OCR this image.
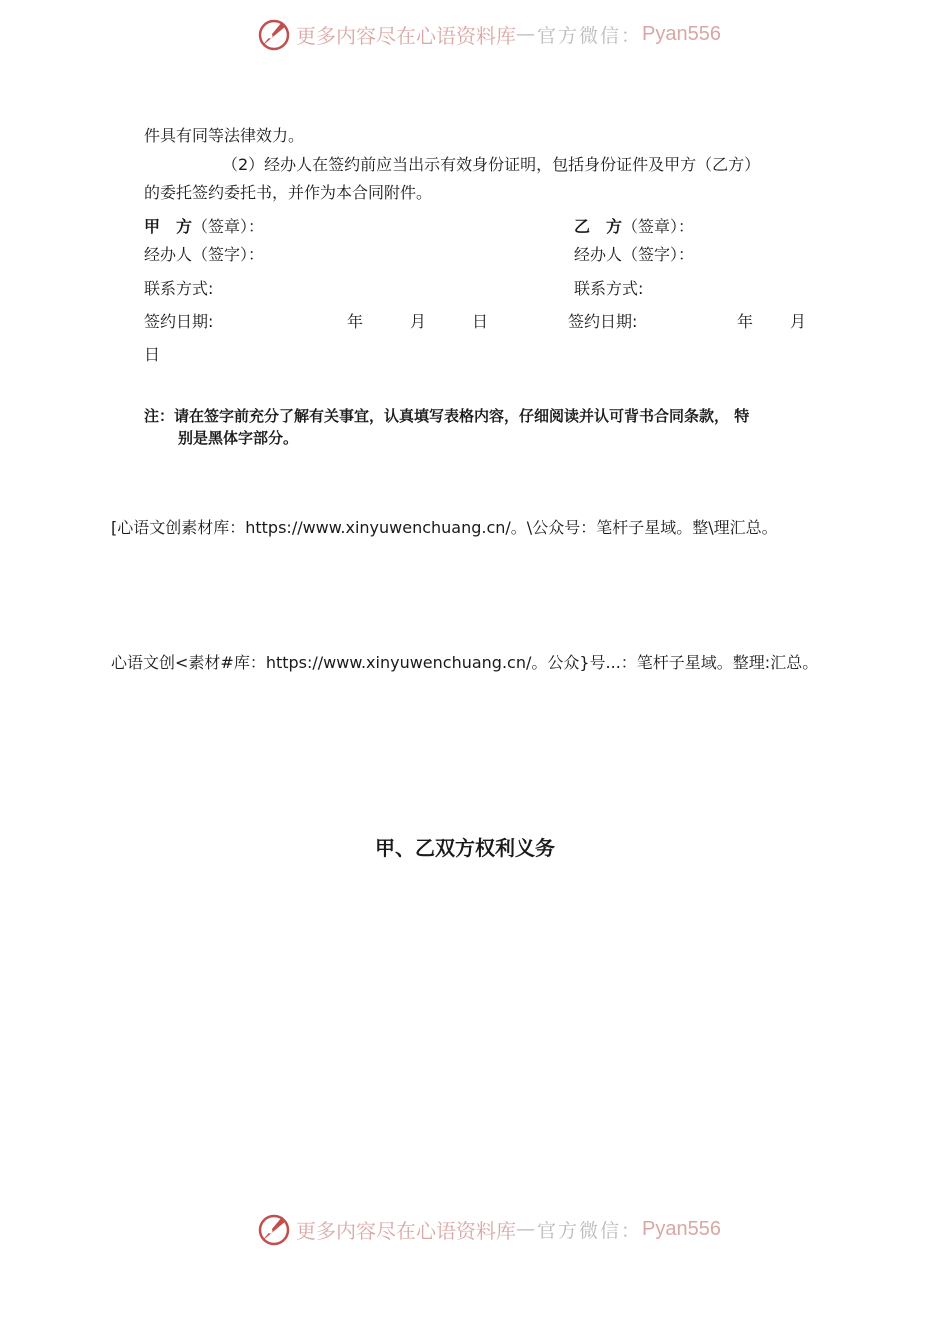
更多内容尽在心语资料库 — 官方微信： Pyan556
件具有同等法律效力。
（2）经办人在签约前应当出示有效身份证明，包括身份证件及甲方（乙方）
的委托签约委托书，并作为本合同附件。
甲　方（签章）：
经办人（签字）：
联系方式:
签约日期:	年	月	日
乙　方（签章）：
经办人（签字）：
联系方式:
签约日期:	年 月
日
注：请在签字前充分了解有关事宜，认真填写表格内容，仔细阅读并认可背书合同条款， 特
别是黑体字部分。
[心语文创素材库：https://www.xinyuwenchuang.cn/。\公众号：笔杆子星域。整\理汇总。
心语文创<素材#库：https://www.xinyuwenchuang.cn/。公众}号...：笔杆子星域。整理:汇总。
甲、乙双方权利义务
更多内容尽在心语资料库 — 官方微信： Pyan556
